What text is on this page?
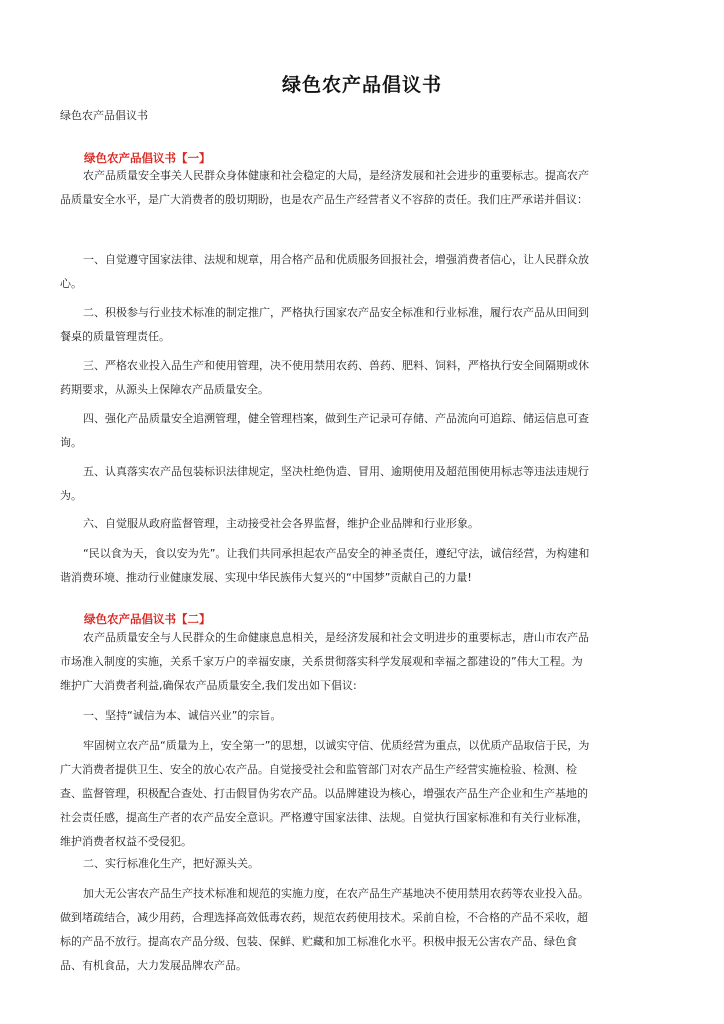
绿色农产品倡议书
绿色农产品倡议书
绿色农产品倡议书【一】

农产品质量安全事关人民群众身体健康和社会稳定的大局，是经济发展和社会进步的重要标志。提高农产品质量安全水平，是广大消费者的殷切期盼，也是农产品生产经营者义不容辞的责任。我们庄严承诺并倡议：

一、自觉遵守国家法律、法规和规章，用合格产品和优质服务回报社会，增强消费者信心，让人民群众放心。

二、积极参与行业技术标准的制定推广，严格执行国家农产品安全标准和行业标准，履行农产品从田间到餐桌的质量管理责任。

三、严格农业投入品生产和使用管理，决不使用禁用农药、兽药、肥料、饲料，严格执行安全间隔期或休药期要求，从源头上保障农产品质量安全。

四、强化产品质量安全追溯管理，健全管理档案，做到生产记录可存储、产品流向可追踪、储运信息可查询。

五、认真落实农产品包装标识法律规定，坚决杜绝伪造、冒用、逾期使用及超范围使用标志等违法违规行为。

六、自觉服从政府监督管理，主动接受社会各界监督，维护企业品牌和行业形象。

“民以食为天，食以安为先”。让我们共同承担起农产品安全的神圣责任，遵纪守法，诚信经营，为构建和谐消费环境、推动行业健康发展、实现中华民族伟大复兴的“中国梦”贡献自己的力量!

绿色农产品倡议书【二】

农产品质量安全与人民群众的生命健康息息相关，是经济发展和社会文明进步的重要标志，唐山市农产品市场准入制度的实施，关系千家万户的幸福安康，关系贯彻落实科学发展观和幸福之都建设的”伟大工程。为维护广大消费者利益,确保农产品质量安全,我们发出如下倡议:

一、坚持“诚信为本、诚信兴业”的宗旨。

牢固树立农产品“质量为上，安全第一”的思想，以诚实守信、优质经营为重点，以优质产品取信于民，为广大消费者提供卫生、安全的放心农产品。自觉接受社会和监管部门对农产品生产经营实施检验、检测、检查、监督管理，积极配合查处、打击假冒伪劣农产品。以品牌建设为核心，增强农产品生产企业和生产基地的社会责任感，提高生产者的农产品安全意识。严格遵守国家法律、法规。自觉执行国家标准和有关行业标准，维护消费者权益不受侵犯。

二、实行标准化生产，把好源头关。

加大无公害农产品生产技术标准和规范的实施力度，在农产品生产基地决不使用禁用农药等农业投入品。做到堵疏结合，减少用药，合理选择高效低毒农药，规范农药使用技术。采前自检，不合格的产品不采收，超标的产品不放行。提高农产品分级、包装、保鲜、贮藏和加工标准化水平。积极申报无公害农产品、绿色食品、有机食品，大力发展品牌农产品。
